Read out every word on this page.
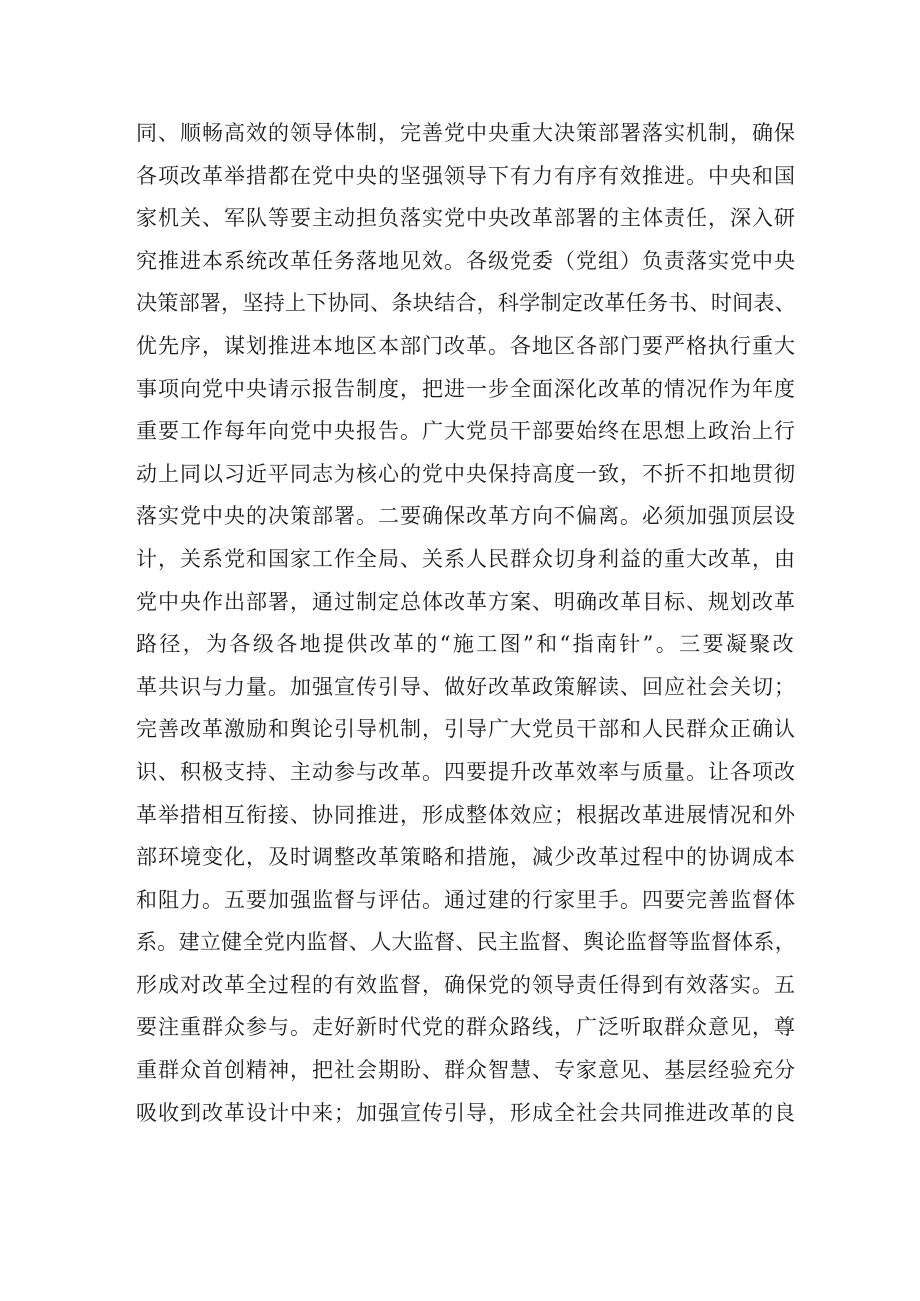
同、顺畅高效的领导体制，完善党中央重大决策部署落实机制，确保
各项改革举措都在党中央的坚强领导下有力有序有效推进。中央和国
家机关、军队等要主动担负落实党中央改革部署的主体责任，深入研
究推进本系统改革任务落地见效。各级党委（党组）负责落实党中央
决策部署，坚持上下协同、条块结合，科学制定改革任务书、时间表、
优先序，谋划推进本地区本部门改革。各地区各部门要严格执行重大
事项向党中央请示报告制度，把进一步全面深化改革的情况作为年度
重要工作每年向党中央报告。广大党员干部要始终在思想上政治上行
动上同以习近平同志为核心的党中央保持高度一致，不折不扣地贯彻
落实党中央的决策部署。二要确保改革方向不偏离。必须加强顶层设
计，关系党和国家工作全局、关系人民群众切身利益的重大改革，由
党中央作出部署，通过制定总体改革方案、明确改革目标、规划改革
路径，为各级各地提供改革的“施工图”和“指南针”。三要凝聚改
革共识与力量。加强宣传引导、做好改革政策解读、回应社会关切；
完善改革激励和舆论引导机制，引导广大党员干部和人民群众正确认
识、积极支持、主动参与改革。四要提升改革效率与质量。让各项改
革举措相互衔接、协同推进，形成整体效应；根据改革进展情况和外
部环境变化，及时调整改革策略和措施，减少改革过程中的协调成本
和阻力。五要加强监督与评估。通过建的行家里手。四要完善监督体
系。建立健全党内监督、人大监督、民主监督、舆论监督等监督体系，
形成对改革全过程的有效监督，确保党的领导责任得到有效落实。五
要注重群众参与。走好新时代党的群众路线，广泛听取群众意见，尊
重群众首创精神，把社会期盼、群众智慧、专家意见、基层经验充分
吸收到改革设计中来；加强宣传引导，形成全社会共同推进改革的良
